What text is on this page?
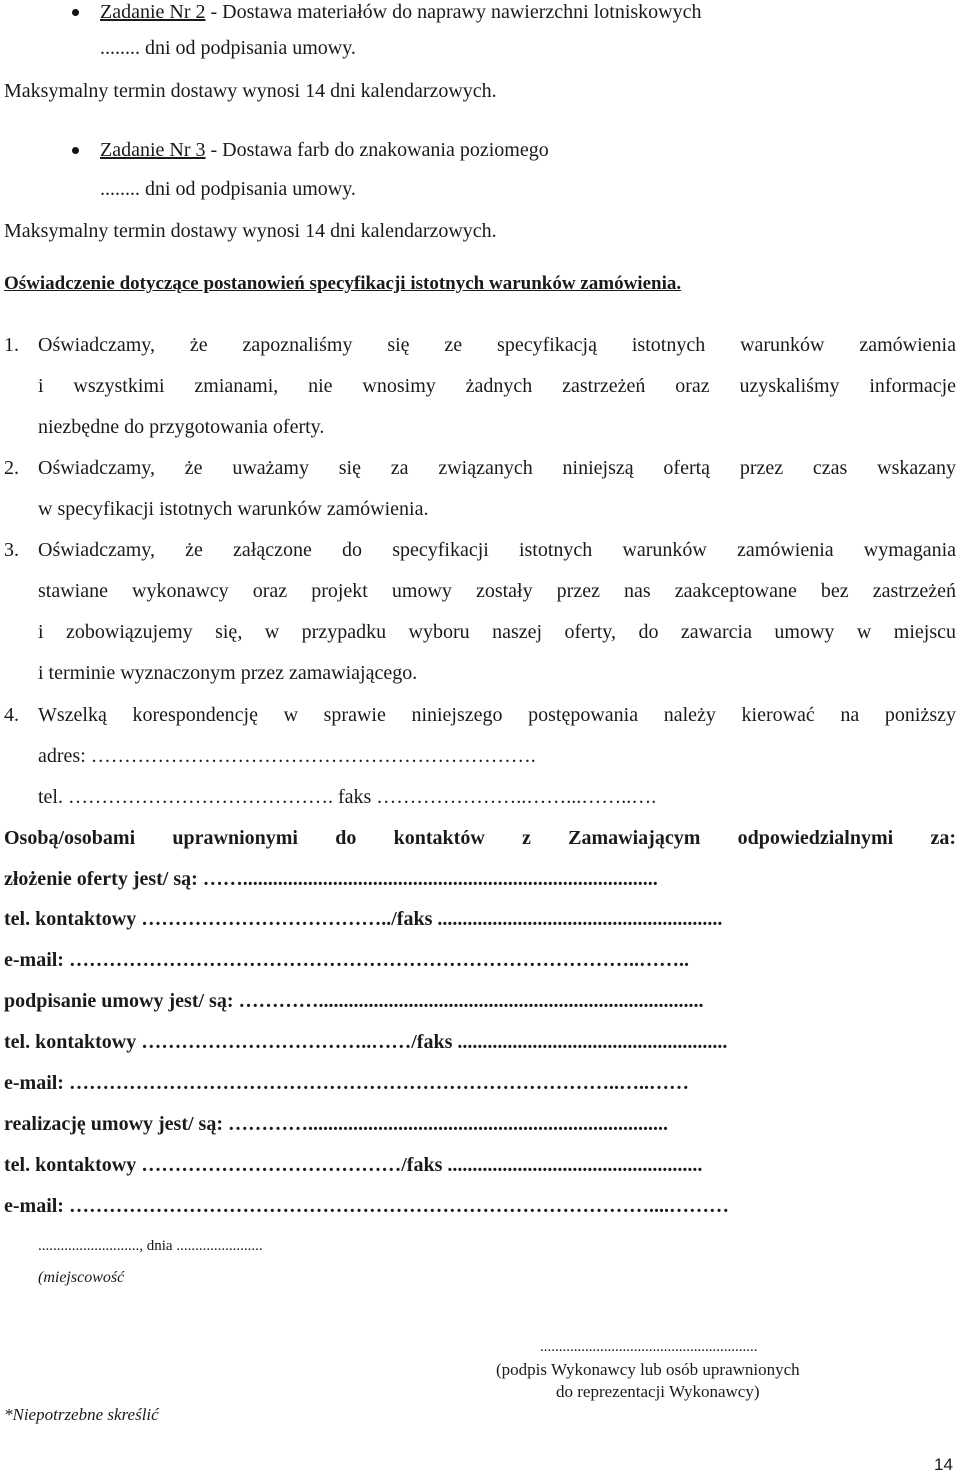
Zadanie Nr 2 - Dostawa materiałów do naprawy nawierzchni lotniskowych
........ dni od podpisania umowy.
Maksymalny termin dostawy wynosi 14 dni kalendarzowych.
Zadanie Nr 3 - Dostawa farb do znakowania poziomego
........ dni od podpisania umowy.
Maksymalny termin dostawy wynosi 14 dni kalendarzowych.
Oświadczenie dotyczące postanowień specyfikacji istotnych warunków zamówienia.
1. Oświadczamy, że zapoznaliśmy się ze specyfikacją istotnych warunków zamówienia
i wszystkimi zmianami, nie wnosimy żadnych zastrzeżeń oraz uzyskaliśmy informacje
niezbędne do przygotowania oferty.
2. Oświadczamy, że uważamy się za związanych niniejszą ofertą przez czas wskazany
w specyfikacji istotnych warunków zamówienia.
3. Oświadczamy, że załączone do specyfikacji istotnych warunków zamówienia wymagania
stawiane wykonawcy oraz projekt umowy zostały przez nas zaakceptowane bez zastrzeżeń
i zobowiązujemy się, w przypadku wyboru naszej oferty, do zawarcia umowy w miejscu
i terminie wyznaczonym przez zamawiającego.
4. Wszelką korespondencję w sprawie niniejszego postępowania należy kierować na poniższy
adres: ………………………………………………………….
tel. …………………………………. faks …………………..……...……..….
Osobą/osobami uprawnionymi do kontaktów z Zamawiającym odpowiedzialnymi za:
złożenie oferty jest/ są: ……...................................................................................
tel. kontaktowy ………………………………../faks .........................................................
e-mail: …………………………………………………………………………..……..
podpisanie umowy jest/ są: ………….............................................................................
tel. kontaktowy ……………………………..……/faks ......................................................
e-mail: ………………………………………………………………………..…..……
realizację umowy jest/ są: …………........................................................................
tel. kontaktowy …………………………………/faks ...................................................
e-mail: ……………………………………………………………………………....………
..........................., dnia .......................
(miejscowość
..........................................................
(podpis Wykonawcy lub osób uprawnionych
do reprezentacji Wykonawcy)
*Niepotrzebne skreślić
14
